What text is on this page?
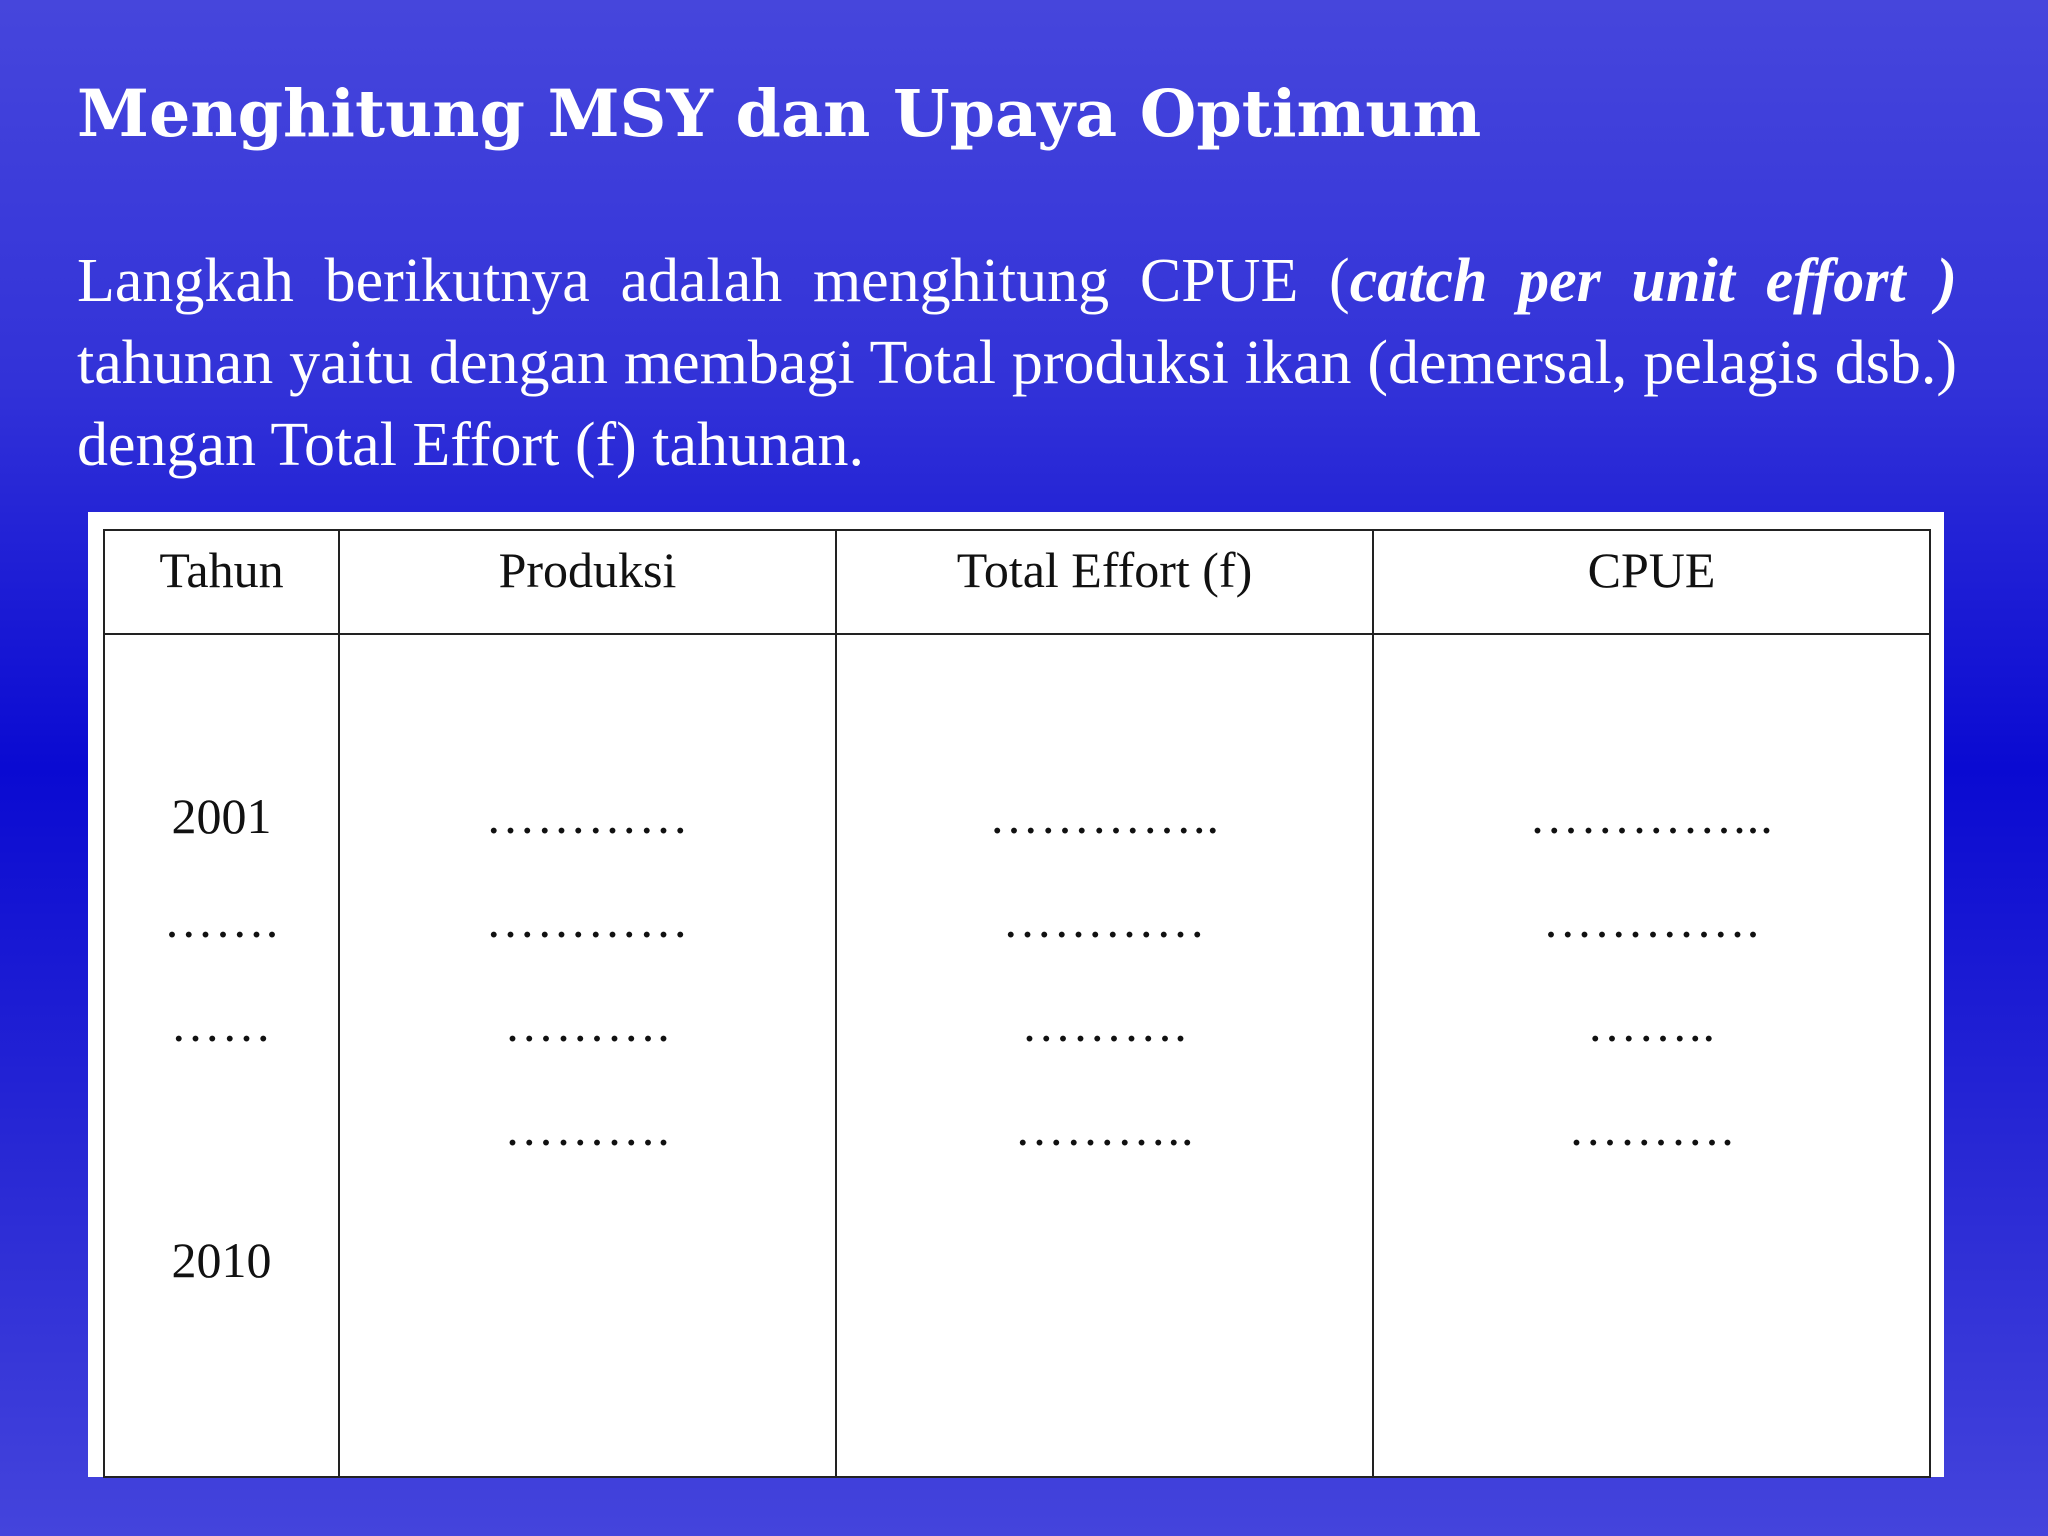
Menghitung MSY dan Upaya Optimum

Langkah berikutnya adalah menghitung CPUE (catch per unit effort ) tahunan yaitu dengan membagi Total produksi ikan (demersal, pelagis dsb.) dengan Total Effort (f) tahunan.

Tahun	Produksi	Total Effort (f)	CPUE

2001	…………	…………..	…………...
…….	…………	…………	………….
……	……….	……….	……..
	……….	………..	……….
2010			
